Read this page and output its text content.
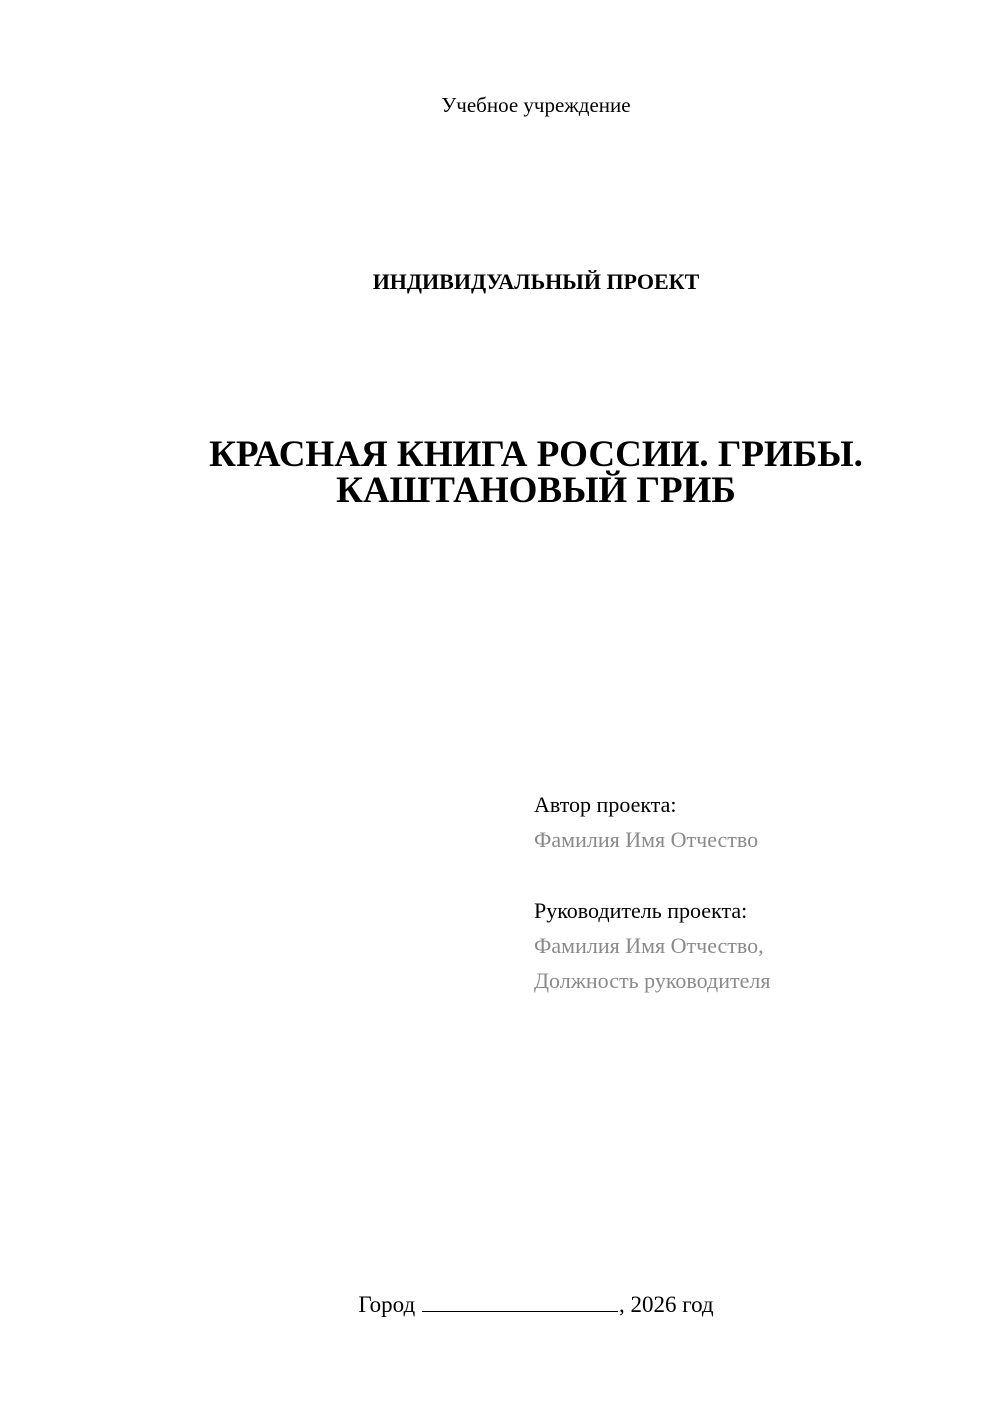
Учебное учреждение
ИНДИВИДУАЛЬНЫЙ ПРОЕКТ
КРАСНАЯ КНИГА РОССИИ. ГРИБЫ.
КАШТАНОВЫЙ ГРИБ
Автор проекта:
Фамилия Имя Отчество
Руководитель проекта:
Фамилия Имя Отчество,
Должность руководителя
Город	, 2026 год
